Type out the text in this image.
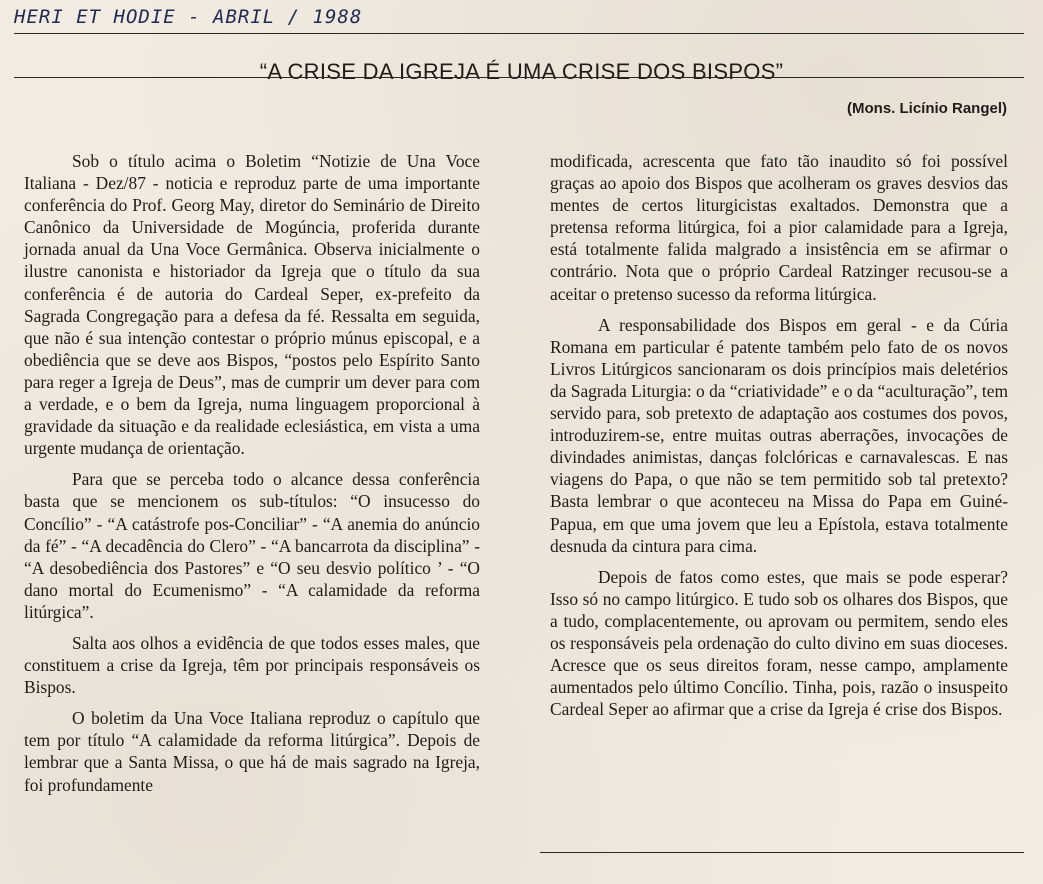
HERI ET HODIE - ABRIL / 1988
“A CRISE DA IGREJA É UMA CRISE DOS BISPOS”
(Mons. Licínio Rangel)

Sob o título acima o Boletim “Notizie de Una Voce Italiana - Dez/87 - noticia e reproduz parte de uma importante conferência do Prof. Georg May, diretor do Seminário de Direito Canônico da Universidade de Mogúncia, proferida durante jornada anual da Una Voce Germânica. Observa inicialmente o ilustre canonista e historiador da Igreja que o título da sua conferência é de autoria do Cardeal Seper, ex-prefeito da Sagrada Congregação para a defesa da fé. Ressalta em seguida, que não é sua intenção contestar o próprio múnus episcopal, e a obediência que se deve aos Bispos, “postos pelo Espírito Santo para reger a Igreja de Deus”, mas de cumprir um dever para com a verdade, e o bem da Igreja, numa linguagem proporcional à gravidade da situação e da realidade eclesiástica, em vista a uma urgente mudança de orientação.

Para que se perceba todo o alcance dessa conferência basta que se mencionem os sub-títulos: “O insucesso do Concílio” - “A catástrofe pos-Conciliar” - “A anemia do anúncio da fé” - “A decadência do Clero” - “A bancarrota da disciplina” - “A desobediência dos Pastores” e “O seu desvio político ’ - “O dano mortal do Ecumenismo” - “A calamidade da reforma litúrgica”.

Salta aos olhos a evidência de que todos esses males, que constituem a crise da Igreja, têm por principais responsáveis os Bispos.

O boletim da Una Voce Italiana reproduz o capítulo que tem por título “A calamidade da reforma litúrgica”. Depois de lembrar que a Santa Missa, o que há de mais sagrado na Igreja, foi profundamente

modificada, acrescenta que fato tão inaudito só foi possível graças ao apoio dos Bispos que acolheram os graves desvios das mentes de certos liturgicistas exaltados. Demonstra que a pretensa reforma litúrgica, foi a pior calamidade para a Igreja, está totalmente falida malgrado a insistência em se afirmar o contrário. Nota que o próprio Cardeal Ratzinger recusou-se a aceitar o pretenso sucesso da reforma litúrgica.

A responsabilidade dos Bispos em geral - e da Cúria Romana em particular é patente também pelo fato de os novos Livros Litúrgicos sancionaram os dois princípios mais deletérios da Sagrada Liturgia: o da “criatividade” e o da “aculturação”, tem servido para, sob pretexto de adaptação aos costumes dos povos, introduzirem-se, entre muitas outras aberrações, invocações de divindades animistas, danças folclóricas e carnavalescas. E nas viagens do Papa, o que não se tem permitido sob tal pretexto? Basta lembrar o que aconteceu na Missa do Papa em Guiné-Papua, em que uma jovem que leu a Epístola, estava totalmente desnuda da cintura para cima.

Depois de fatos como estes, que mais se pode esperar? Isso só no campo litúrgico. E tudo sob os olhares dos Bispos, que a tudo, complacentemente, ou aprovam ou permitem, sendo eles os responsáveis pela ordenação do culto divino em suas dioceses. Acresce que os seus direitos foram, nesse campo, amplamente aumentados pelo último Concílio. Tinha, pois, razão o insuspeito Cardeal Seper ao afirmar que a crise da Igreja é crise dos Bispos.
